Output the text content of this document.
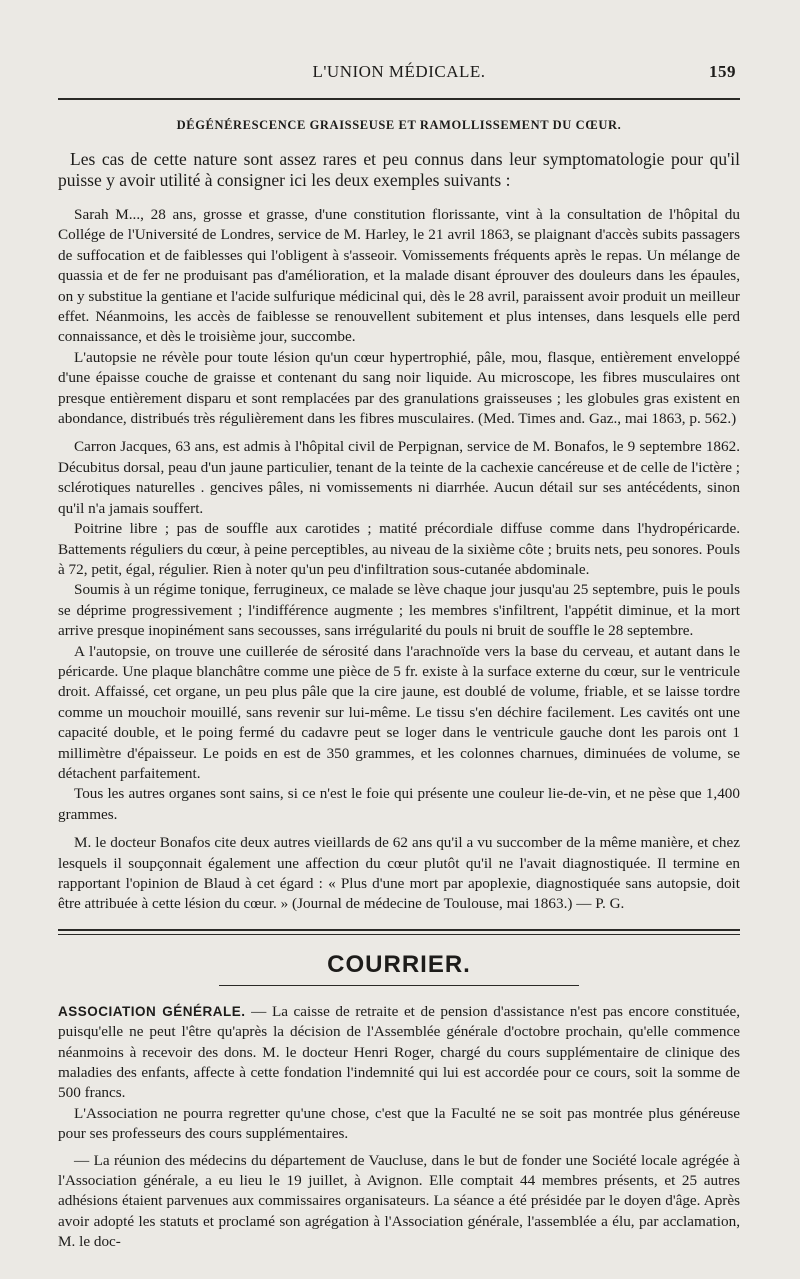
L'UNION MÉDICALE.	159
DÉGÉNÉRESCENCE GRAISSEUSE ET RAMOLLISSEMENT DU CŒUR.

Les cas de cette nature sont assez rares et peu connus dans leur symptomatologie pour qu'il puisse y avoir utilité à consigner ici les deux exemples suivants :

Sarah M..., 28 ans, grosse et grasse, d'une constitution florissante, vint à la consultation de l'hôpital du Collége de l'Université de Londres, service de M. Harley, le 21 avril 1863, se plaignant d'accès subits passagers de suffocation et de faiblesses qui l'obligent à s'asseoir. Vomissements fréquents après le repas. Un mélange de quassia et de fer ne produisant pas d'amélioration, et la malade disant éprouver des douleurs dans les épaules, on y substitue la gentiane et l'acide sulfurique médicinal qui, dès le 28 avril, paraissent avoir produit un meilleur effet. Néanmoins, les accès de faiblesse se renouvellent subitement et plus intenses, dans lesquels elle perd connaissance, et dès le troisième jour, succombe.

L'autopsie ne révèle pour toute lésion qu'un cœur hypertrophié, pâle, mou, flasque, entièrement enveloppé d'une épaisse couche de graisse et contenant du sang noir liquide. Au microscope, les fibres musculaires ont presque entièrement disparu et sont remplacées par des granulations graisseuses ; les globules gras existent en abondance, distribués très régulièrement dans les fibres musculaires. (Med. Times and. Gaz., mai 1863, p. 562.)

Carron Jacques, 63 ans, est admis à l'hôpital civil de Perpignan, service de M. Bonafos, le 9 septembre 1862. Décubitus dorsal, peau d'un jaune particulier, tenant de la teinte de la cachexie cancéreuse et de celle de l'ictère ; sclérotiques naturelles . gencives pâles, ni vomissements ni diarrhée. Aucun détail sur ses antécédents, sinon qu'il n'a jamais souffert.

Poitrine libre ; pas de souffle aux carotides ; matité précordiale diffuse comme dans l'hydropéricarde. Battements réguliers du cœur, à peine perceptibles, au niveau de la sixième côte ; bruits nets, peu sonores. Pouls à 72, petit, égal, régulier. Rien à noter qu'un peu d'infiltration sous-cutanée abdominale.

Soumis à un régime tonique, ferrugineux, ce malade se lève chaque jour jusqu'au 25 septembre, puis le pouls se déprime progressivement ; l'indifférence augmente ; les membres s'infiltrent, l'appétit diminue, et la mort arrive presque inopinément sans secousses, sans irrégularité du pouls ni bruit de souffle le 28 septembre.

A l'autopsie, on trouve une cuillerée de sérosité dans l'arachnoïde vers la base du cerveau, et autant dans le péricarde. Une plaque blanchâtre comme une pièce de 5 fr. existe à la surface externe du cœur, sur le ventricule droit. Affaissé, cet organe, un peu plus pâle que la cire jaune, est doublé de volume, friable, et se laisse tordre comme un mouchoir mouillé, sans revenir sur lui-même. Le tissu s'en déchire facilement. Les cavités ont une capacité double, et le poing fermé du cadavre peut se loger dans le ventricule gauche dont les parois ont 1 millimètre d'épaisseur. Le poids en est de 350 grammes, et les colonnes charnues, diminuées de volume, se détachent parfaitement.

Tous les autres organes sont sains, si ce n'est le foie qui présente une couleur lie-de-vin, et ne pèse que 1,400 grammes.

M. le docteur Bonafos cite deux autres vieillards de 62 ans qu'il a vu succomber de la même manière, et chez lesquels il soupçonnait également une affection du cœur plutôt qu'il ne l'avait diagnostiquée. Il termine en rapportant l'opinion de Blaud à cet égard : « Plus d'une mort par apoplexie, diagnostiquée sans autopsie, doit être attribuée à cette lésion du cœur. » (Journal de médecine de Toulouse, mai 1863.) — P. G.

COURRIER.

ASSOCIATION GÉNÉRALE. — La caisse de retraite et de pension d'assistance n'est pas encore constituée, puisqu'elle ne peut l'être qu'après la décision de l'Assemblée générale d'octobre prochain, qu'elle commence néanmoins à recevoir des dons. M. le docteur Henri Roger, chargé du cours supplémentaire de clinique des maladies des enfants, affecte à cette fondation l'indemnité qui lui est accordée pour ce cours, soit la somme de 500 francs.

L'Association ne pourra regretter qu'une chose, c'est que la Faculté ne se soit pas montrée plus généreuse pour ses professeurs des cours supplémentaires.

— La réunion des médecins du département de Vaucluse, dans le but de fonder une Société locale agrégée à l'Association générale, a eu lieu le 19 juillet, à Avignon. Elle comptait 44 membres présents, et 25 autres adhésions étaient parvenues aux commissaires organisateurs. La séance a été présidée par le doyen d'âge. Après avoir adopté les statuts et proclamé son agrégation à l'Association générale, l'assemblée a élu, par acclamation, M. le doc-
